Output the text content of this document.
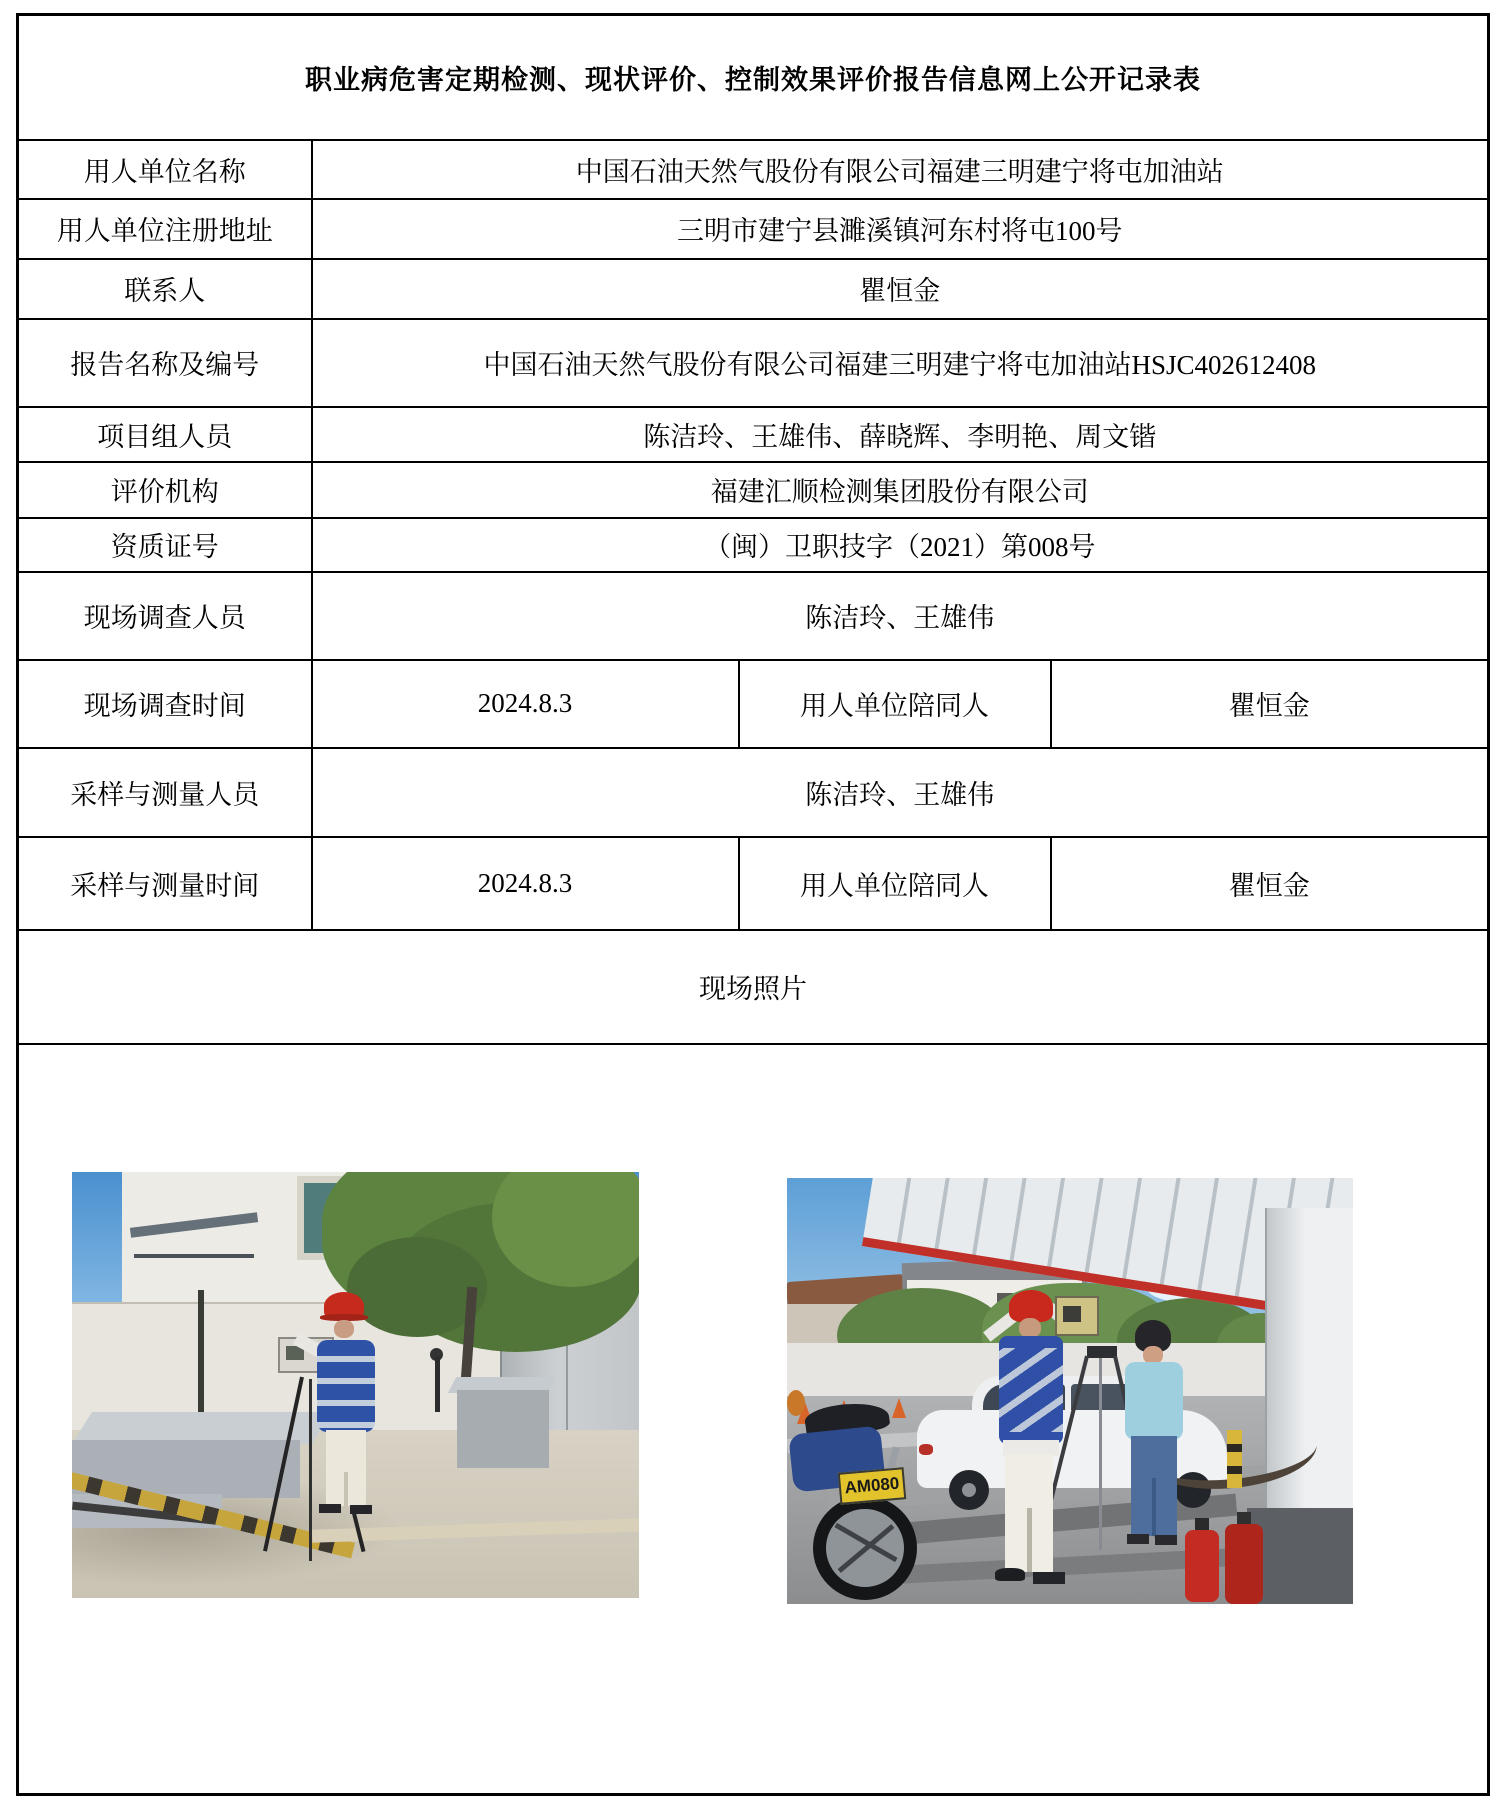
职业病危害定期检测、现状评价、控制效果评价报告信息网上公开记录表			
用人单位名称	中国石油天然气股份有限公司福建三明建宁将屯加油站		
用人单位注册地址	三明市建宁县濉溪镇河东村将屯100号		
联系人	瞿恒金		
报告名称及编号	中国石油天然气股份有限公司福建三明建宁将屯加油站HSJC402612408		
项目组人员	陈洁玲、王雄伟、薛晓辉、李明艳、周文锴		
评价机构	福建汇顺检测集团股份有限公司		
资质证号	（闽）卫职技字（2021）第008号		
现场调查人员	陈洁玲、王雄伟		
现场调查时间	2024.8.3	用人单位陪同人	瞿恒金
采样与测量人员	陈洁玲、王雄伟		
采样与测量时间	2024.8.3	用人单位陪同人	瞿恒金
现场照片			

AM080			
